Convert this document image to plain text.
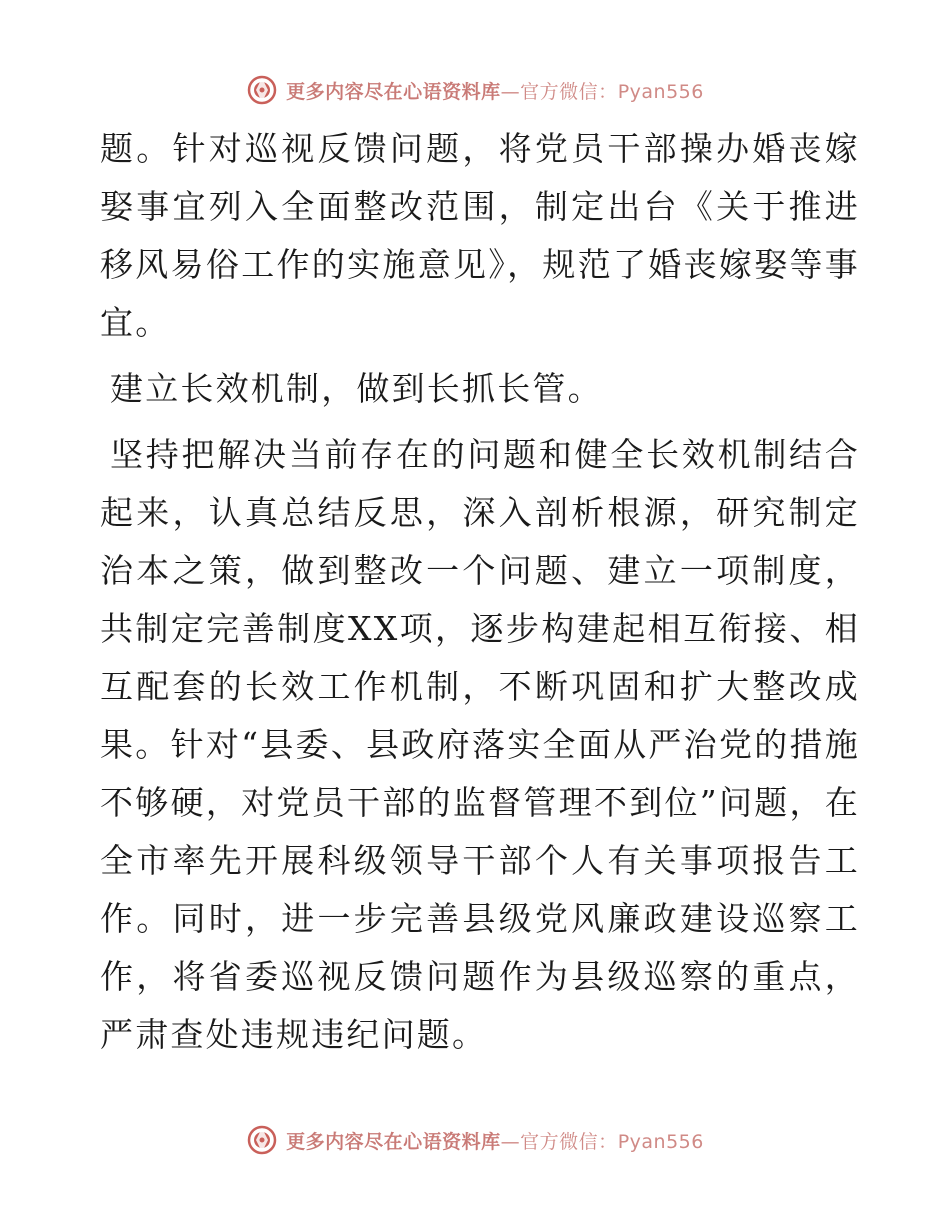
更多内容尽在心语资料库—官方微信：Pyan556

题。针对巡视反馈问题，将党员干部操办婚丧嫁娶事宜列入全面整改范围，制定出台《关于推进移风易俗工作的实施意见》，规范了婚丧嫁娶等事宜。

建立长效机制，做到长抓长管。

坚持把解决当前存在的问题和健全长效机制结合起来，认真总结反思，深入剖析根源，研究制定治本之策，做到整改一个问题、建立一项制度，共制定完善制度XX项，逐步构建起相互衔接、相互配套的长效工作机制，不断巩固和扩大整改成果。针对“县委、县政府落实全面从严治党的措施不够硬，对党员干部的监督管理不到位”问题，在全市率先开展科级领导干部个人有关事项报告工作。同时，进一步完善县级党风廉政建设巡察工作，将省委巡视反馈问题作为县级巡察的重点，严肃查处违规违纪问题。

更多内容尽在心语资料库—官方微信：Pyan556
